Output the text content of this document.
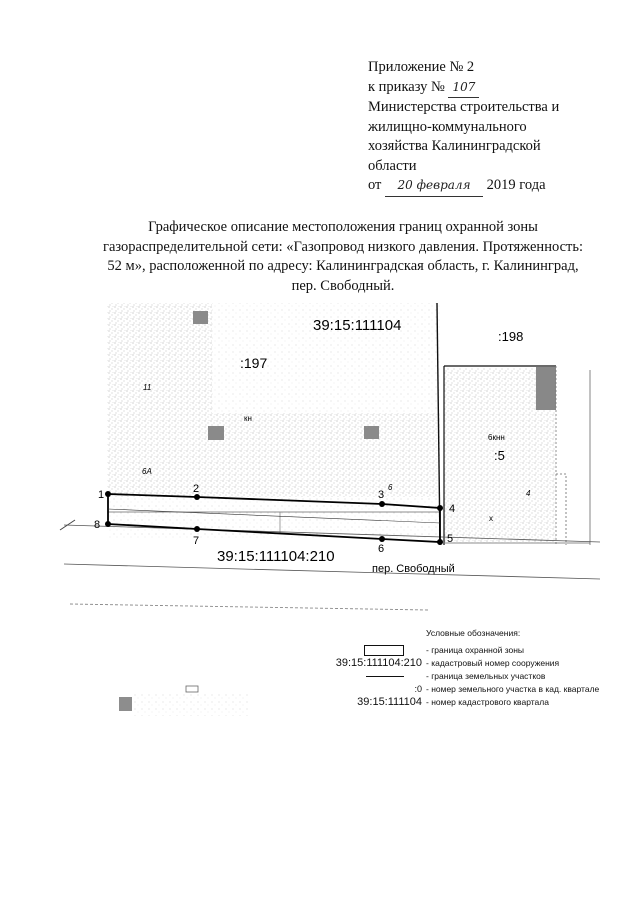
Приложение № 2
к приказу № 107
Министерства строительства и
жилищно-коммунального
хозяйства Калининградской
области
от 20 февраля 2019 года
Графическое описание местоположения границ охранной зоны
газораспределительной сети: «Газопровод низкого давления. Протяженность:
52 м», расположенной по адресу: Калининградская область, г. Калининград,
пер. Свободный.
1	2	3
4
5
6
7
8
39:15:111104
:197
:198
:5
39:15:111104:210
пер. Свободный
кн
6кнн
6А
11
6
4
х
Условные обозначения:
- граница охранной зоны
39:15:111104:210 - кадастровый номер сооружения
- граница земельных участков
:0 - номер земельного участка в кад. квартале
39:15:111104 - номер кадастрового квартала
